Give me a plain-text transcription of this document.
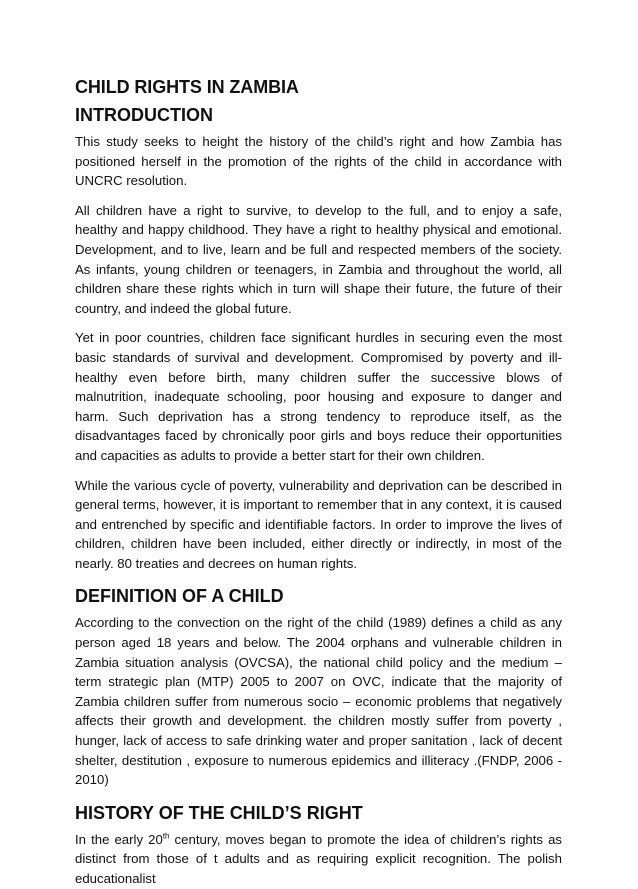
CHILD RIGHTS IN ZAMBIA
INTRODUCTION

This study seeks to height the history of the child’s right and how Zambia has positioned herself in the promotion of the rights of the child in accordance with UNCRC resolution.

All children have a right to survive, to develop to the full, and to enjoy a safe, healthy and happy childhood. They have a right to healthy physical and emotional. Development, and to live, learn and be full and respected members of the society. As infants, young children or teenagers, in Zambia and throughout the world, all children share these rights which in turn will shape their future, the future of their country, and indeed the global future.

Yet in poor countries, children face significant hurdles in securing even the most basic standards of survival and development. Compromised by poverty and ill- healthy even before birth, many children suffer the successive blows of malnutrition, inadequate schooling, poor housing and exposure to danger and harm. Such deprivation has a strong tendency to reproduce itself, as the disadvantages faced by chronically poor girls and boys reduce their opportunities and capacities as adults to provide a better start for their own children.

While the various cycle of poverty, vulnerability and deprivation can be described in general terms, however, it is important to remember that in any context, it is caused and entrenched by specific and identifiable factors. In order to improve the lives of children, children have been included, either directly or indirectly, in most of the nearly. 80 treaties and decrees on human rights.

DEFINITION OF A CHILD

According to the convection on the right of the child (1989) defines a child as any person aged 18 years and below. The 2004 orphans and vulnerable children in Zambia situation analysis (OVCSA), the national child policy and the medium – term strategic plan (MTP) 2005 to 2007 on OVC, indicate that the majority of Zambia children suffer from numerous socio – economic problems that negatively affects their growth and development. the children mostly suffer from poverty , hunger, lack of access to safe drinking water and proper sanitation , lack of decent shelter, destitution , exposure to numerous epidemics and illiteracy .(FNDP, 2006 - 2010)

HISTORY OF THE CHILD’S RIGHT

In the early 20th century, moves began to promote the idea of children’s rights as distinct from those of t adults and as requiring explicit recognition. The polish educationalist
